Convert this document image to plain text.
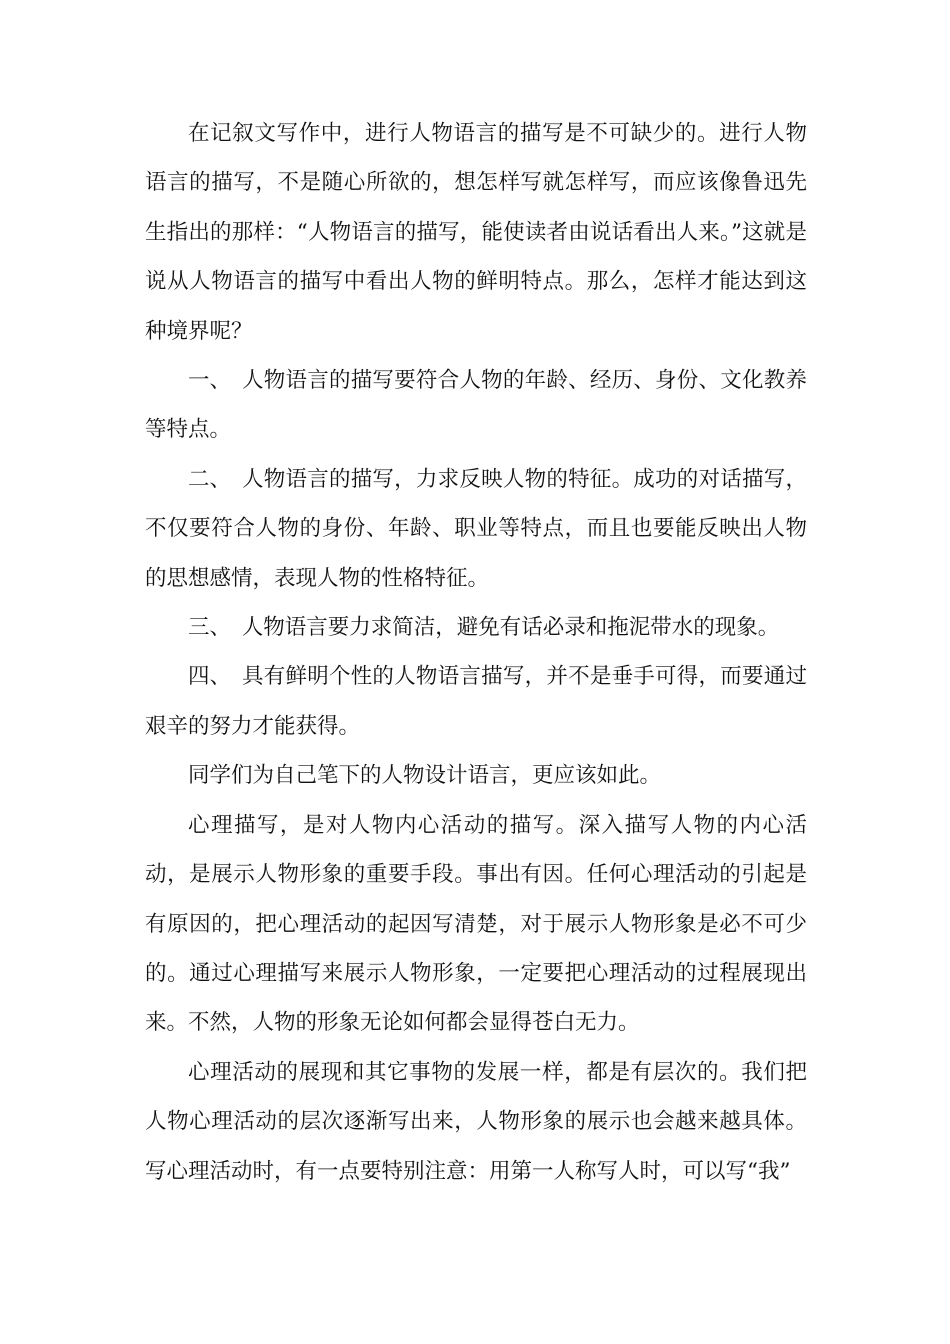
在记叙文写作中，进行人物语言的描写是不可缺少的。进行人物语言的描写，不是随心所欲的，想怎样写就怎样写，而应该像鲁迅先生指出的那样：“人物语言的描写，能使读者由说话看出人来。”这就是说从人物语言的描写中看出人物的鲜明特点。那么，怎样才能达到这种境界呢？

一、 人物语言的描写要符合人物的年龄、经历、身份、文化教养等特点。

二、 人物语言的描写，力求反映人物的特征。成功的对话描写，不仅要符合人物的身份、年龄、职业等特点，而且也要能反映出人物的思想感情，表现人物的性格特征。

三、 人物语言要力求简洁，避免有话必录和拖泥带水的现象。

四、 具有鲜明个性的人物语言描写，并不是垂手可得，而要通过艰辛的努力才能获得。

同学们为自己笔下的人物设计语言，更应该如此。

心理描写，是对人物内心活动的描写。深入描写人物的内心活动，是展示人物形象的重要手段。事出有因。任何心理活动的引起是有原因的，把心理活动的起因写清楚，对于展示人物形象是必不可少的。通过心理描写来展示人物形象，一定要把心理活动的过程展现出来。不然，人物的形象无论如何都会显得苍白无力。

心理活动的展现和其它事物的发展一样，都是有层次的。我们把人物心理活动的层次逐渐写出来，人物形象的展示也会越来越具体。写心理活动时，有一点要特别注意：用第一人称写人时，可以写“我”
